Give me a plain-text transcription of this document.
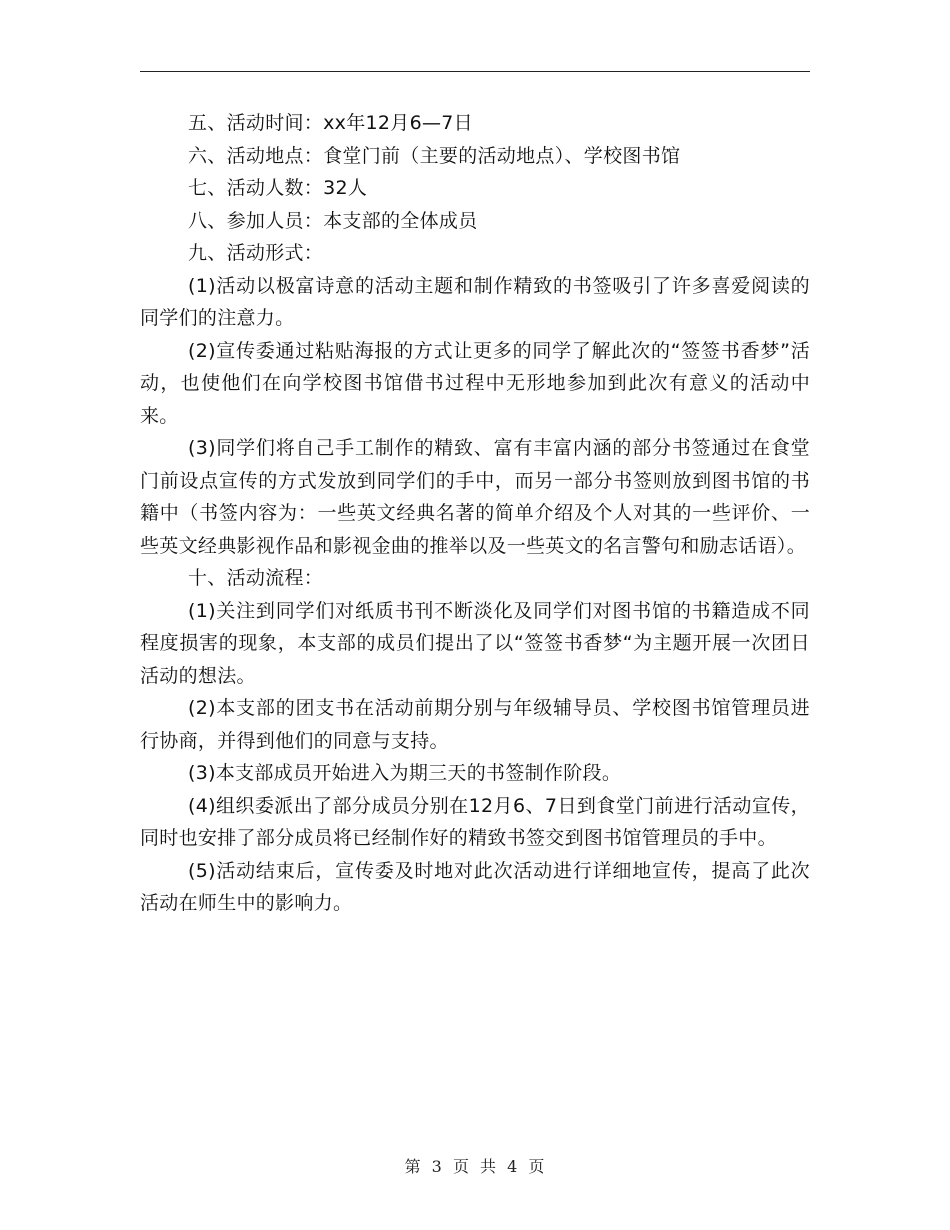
五、活动时间：xx年12月6—7日

六、活动地点：食堂门前（主要的活动地点）、学校图书馆

七、活动人数：32人

八、参加人员：本支部的全体成员

九、活动形式：

(1)活动以极富诗意的活动主题和制作精致的书签吸引了许多喜爱阅读的同学们的注意力。

(2)宣传委通过粘贴海报的方式让更多的同学了解此次的“签签书香梦”活动，也使他们在向学校图书馆借书过程中无形地参加到此次有意义的活动中来。

(3)同学们将自己手工制作的精致、富有丰富内涵的部分书签通过在食堂门前设点宣传的方式发放到同学们的手中，而另一部分书签则放到图书馆的书籍中（书签内容为：一些英文经典名著的简单介绍及个人对其的一些评价、一些英文经典影视作品和影视金曲的推举以及一些英文的名言警句和励志话语）。

十、活动流程：

(1)关注到同学们对纸质书刊不断淡化及同学们对图书馆的书籍造成不同程度损害的现象，本支部的成员们提出了以“签签书香梦“为主题开展一次团日活动的想法。

(2)本支部的团支书在活动前期分别与年级辅导员、学校图书馆管理员进行协商，并得到他们的同意与支持。

(3)本支部成员开始进入为期三天的书签制作阶段。

(4)组织委派出了部分成员分别在12月6、7日到食堂门前进行活动宣传，同时也安排了部分成员将已经制作好的精致书签交到图书馆管理员的手中。

(5)活动结束后，宣传委及时地对此次活动进行详细地宣传，提高了此次活动在师生中的影响力。

第 3 页 共 4 页
